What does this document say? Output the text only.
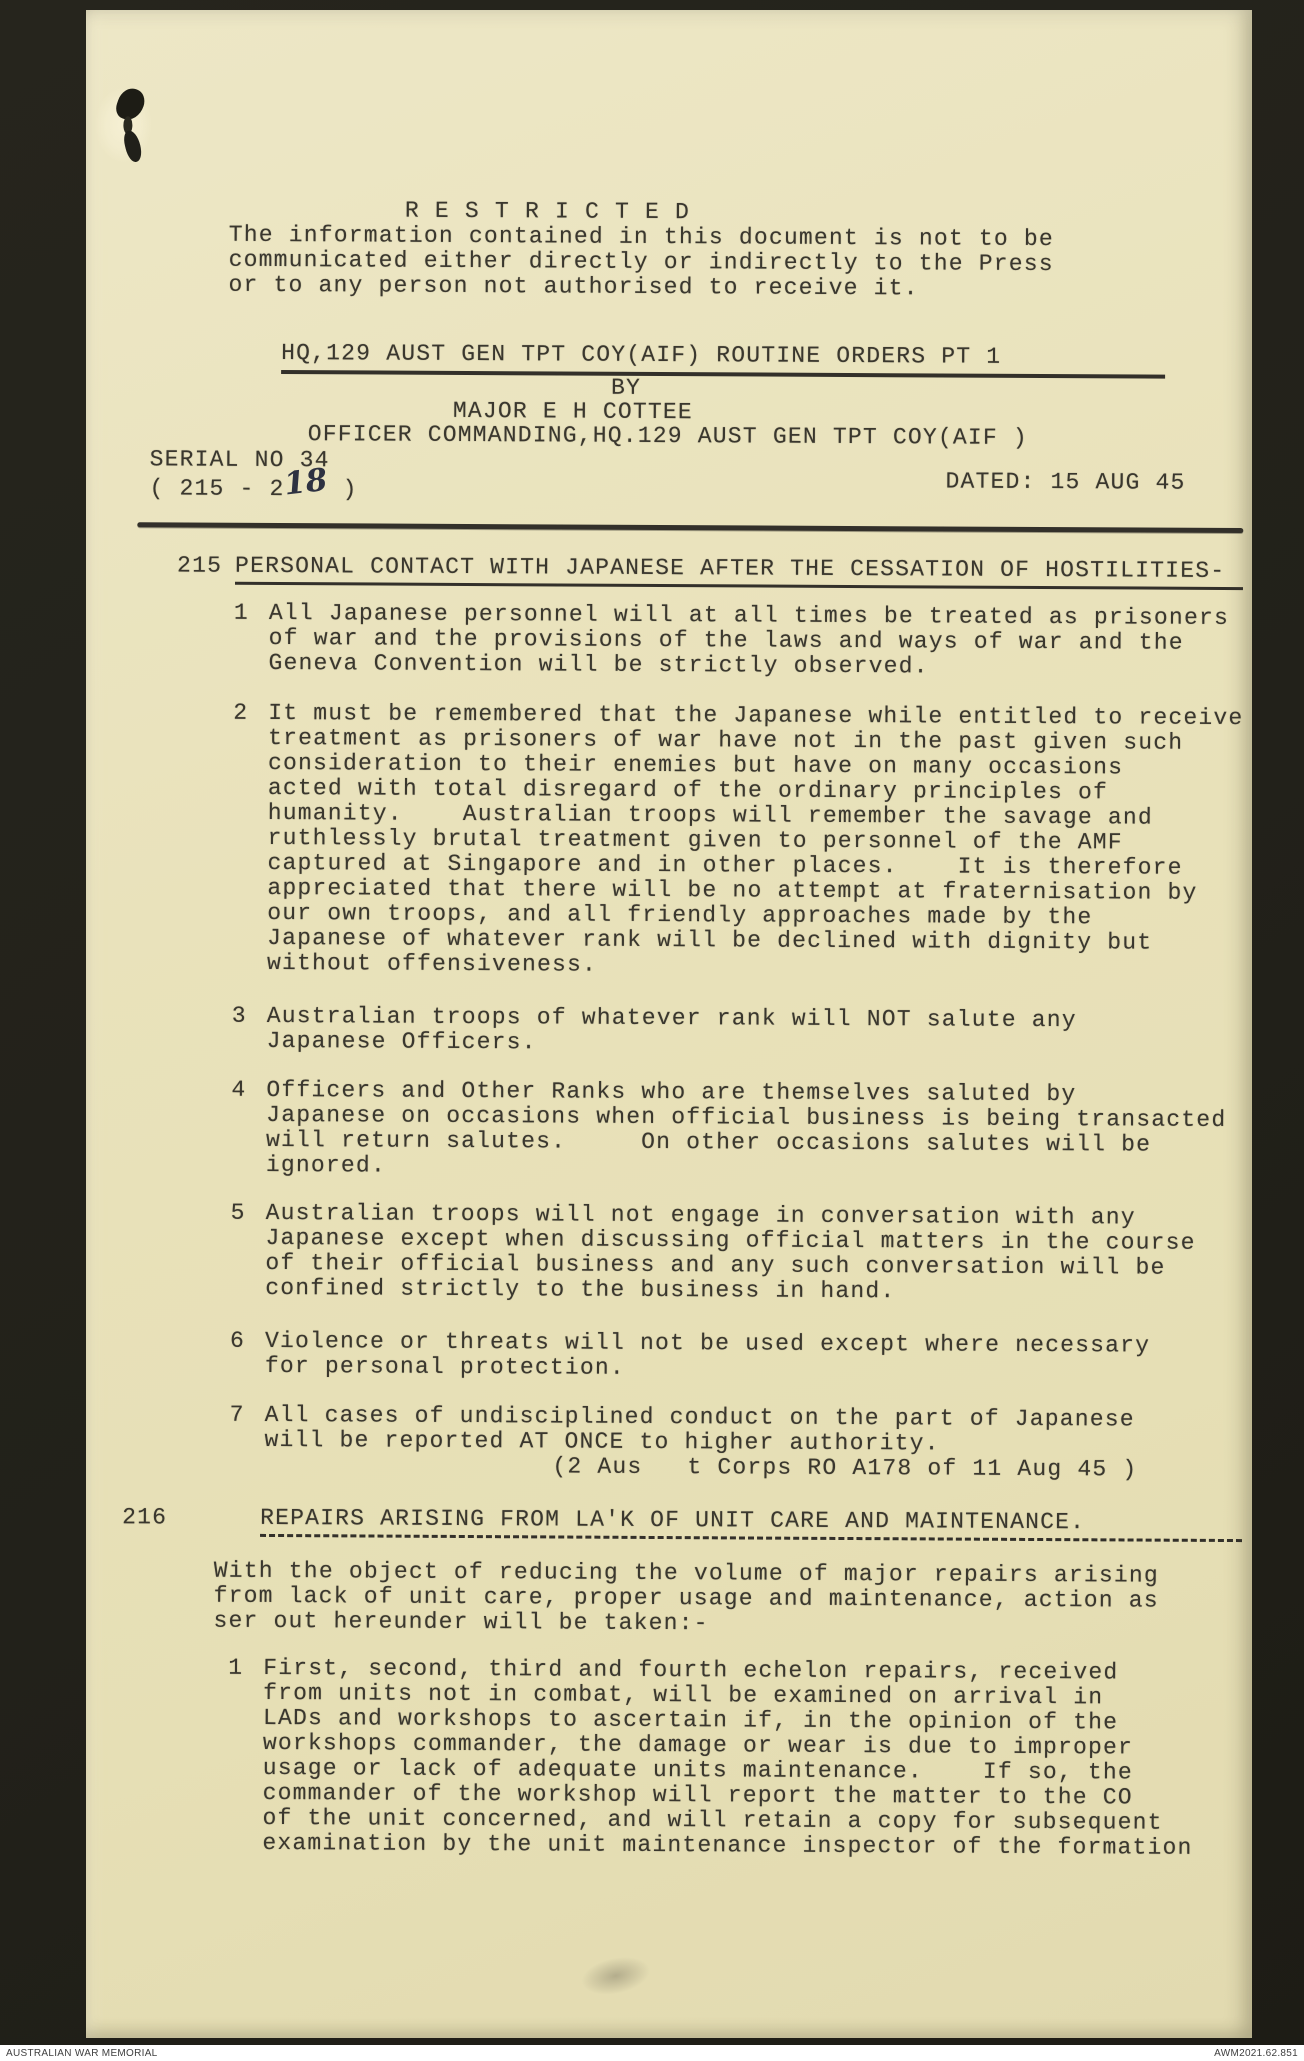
R E S T R I C T E D
The information contained in this document is not to be
communicated either directly or indirectly to the Press
or to any person not authorised to receive it.
HQ,129 AUST GEN TPT COY(AIF) ROUTINE ORDERS PT 1
BY
MAJOR E H COTTEE
OFFICER COMMANDING,HQ.129 AUST GEN TPT COY(AIF )
SERIAL NO 34
( 215 - 218 )	DATED: 15 AUG 45
215 PERSONAL CONTACT WITH JAPANESE AFTER THE CESSATION OF HOSTILITIES-
1 All Japanese personnel will at all times be treated as prisoners
of war and the provisions of the laws and ways of war and the
Geneva Convention will be strictly observed.
2 It must be remembered that the Japanese while entitled to receive
treatment as prisoners of war have not in the past given such
consideration to their enemies but have on many occasions
acted with total disregard of the ordinary principles of
humanity.    Australian troops will remember the savage and
ruthlessly brutal treatment given to personnel of the AMF
captured at Singapore and in other places.    It is therefore
appreciated that there will be no attempt at fraternisation by
our own troops, and all friendly approaches made by the
Japanese of whatever rank will be declined with dignity but
without offensiveness.
3 Australian troops of whatever rank will NOT salute any
Japanese Officers.
4 Officers and Other Ranks who are themselves saluted by
Japanese on occasions when official business is being transacted
will return salutes.     On other occasions salutes will be
ignored.
5 Australian troops will not engage in conversation with any
Japanese except when discussing official matters in the course
of their official business and any such conversation will be
confined strictly to the business in hand.
6 Violence or threats will not be used except where necessary
for personal protection.
7 All cases of undisciplined conduct on the part of Japanese
will be reported AT ONCE to higher authority.
(2 Aus   t Corps RO A178 of 11 Aug 45 )
216	REPAIRS ARISING FROM LA'K OF UNIT CARE AND MAINTENANCE.
With the object of reducing the volume of major repairs arising
from lack of unit care, proper usage and maintenance, action as
ser out hereunder will be taken:-
1 First, second, third and fourth echelon repairs, received
from units not in combat, will be examined on arrival in
LADs and workshops to ascertain if, in the opinion of the
workshops commander, the damage or wear is due to improper
usage or lack of adequate units maintenance.    If so, the
commander of the workshop will report the matter to the CO
of the unit concerned, and will retain a copy for subsequent
examination by the unit maintenance inspector of the formation
AUSTRALIAN WAR MEMORIAL	AWM2021.62.851
